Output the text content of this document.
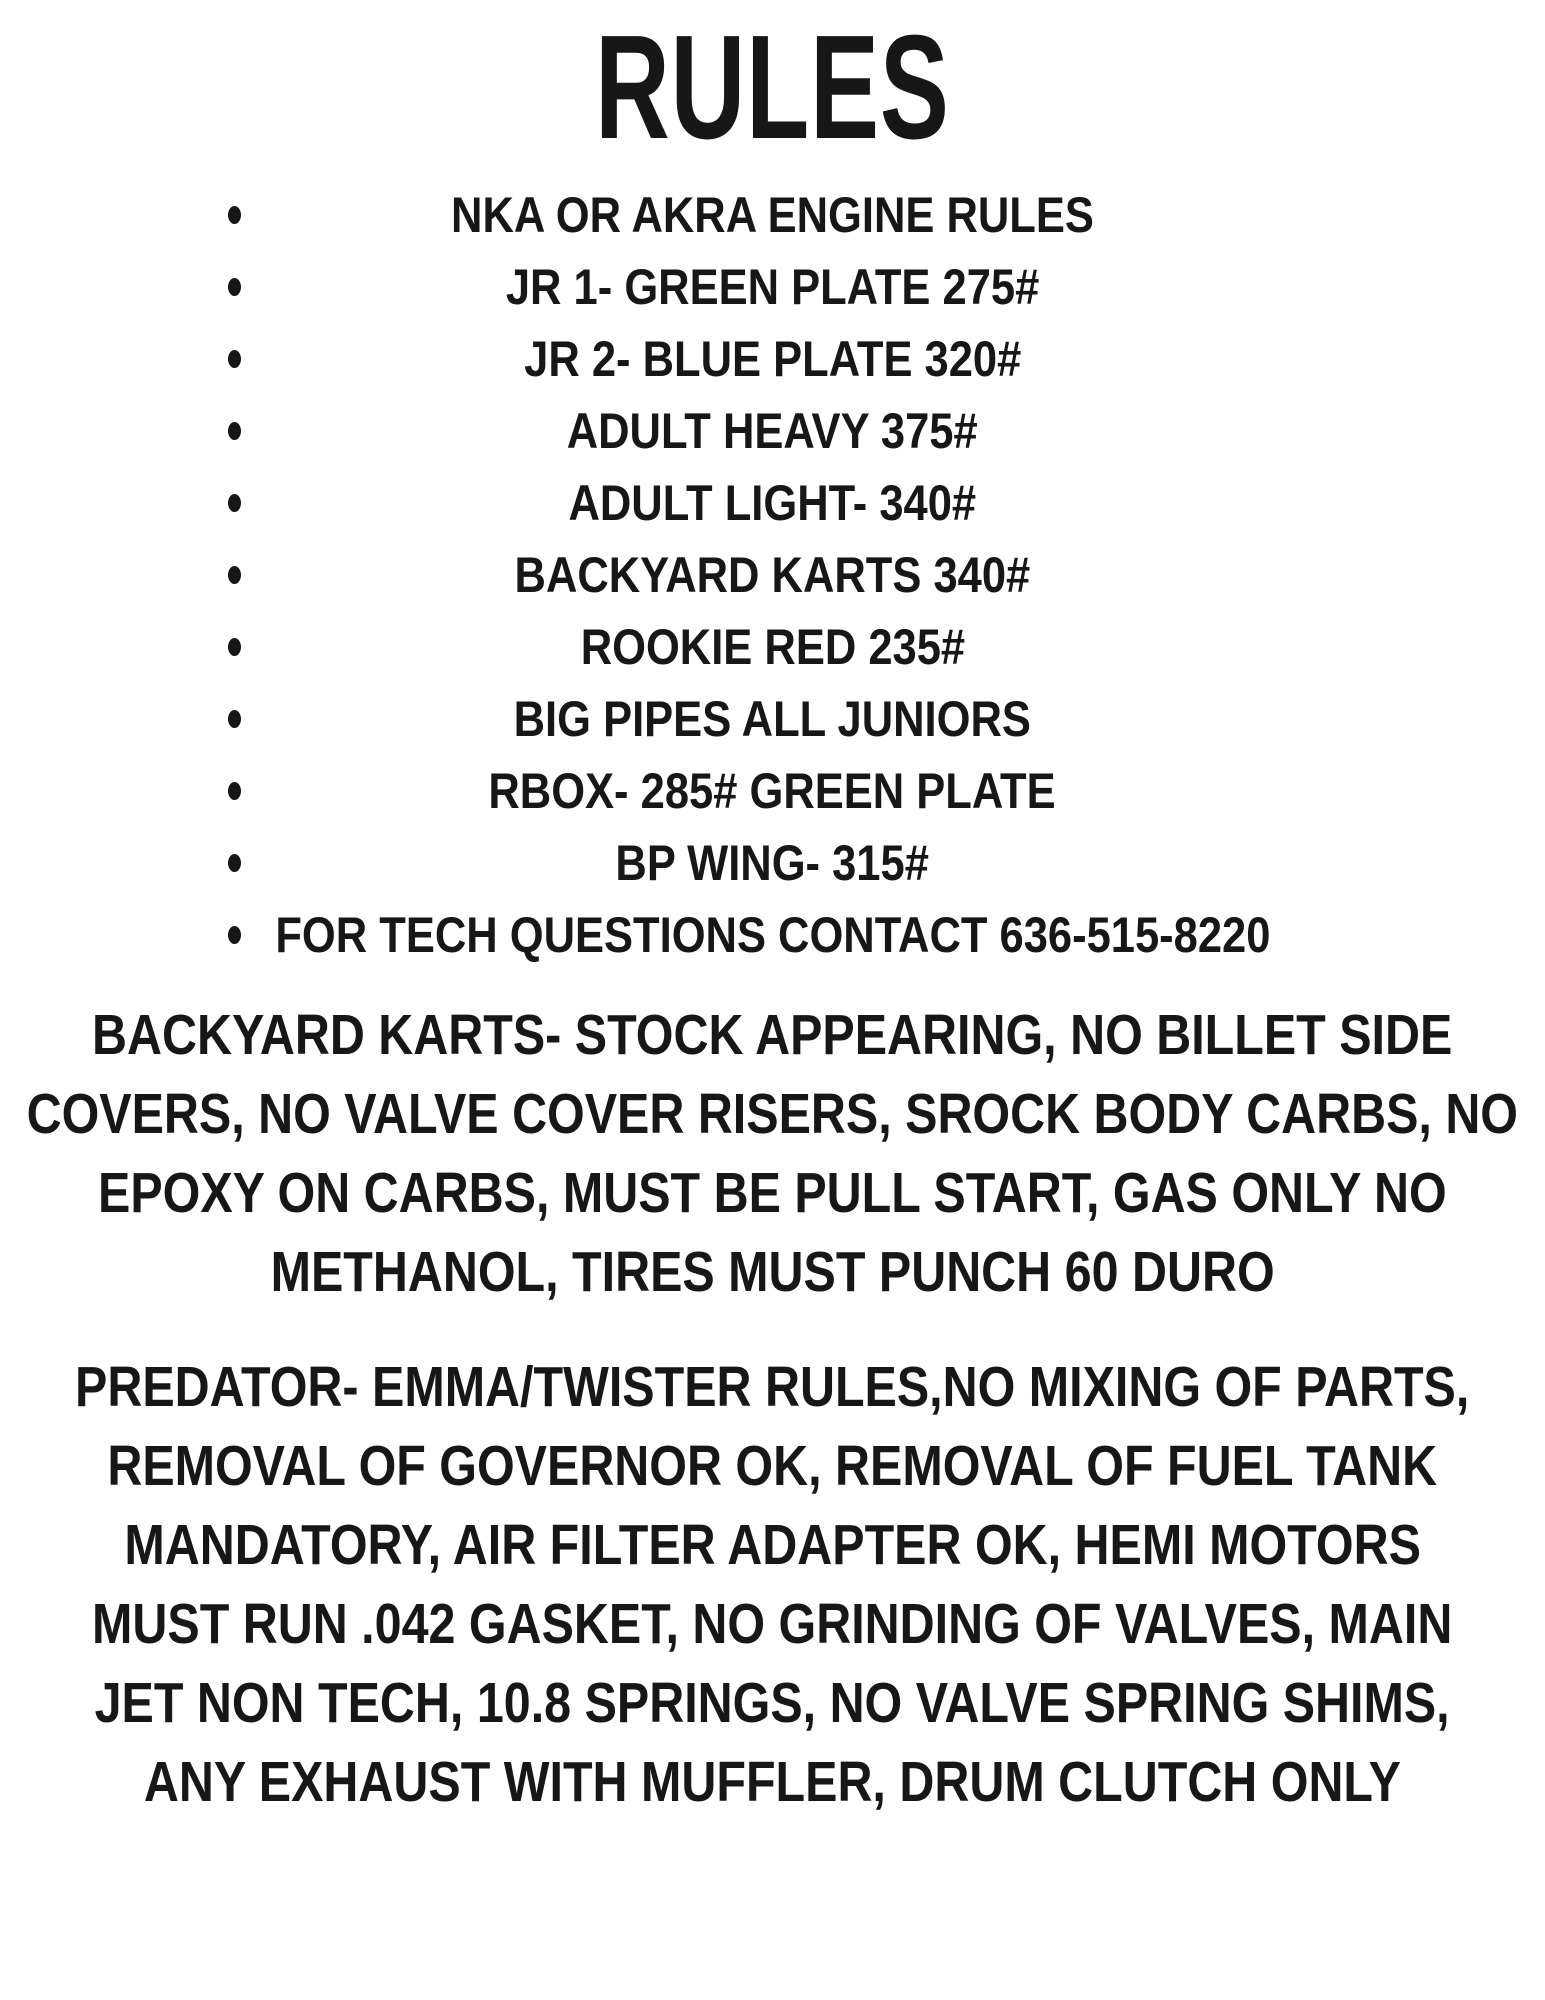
RULES
NKA OR AKRA ENGINE RULES
JR 1- GREEN PLATE 275#
JR 2- BLUE PLATE 320#
ADULT HEAVY 375#
ADULT LIGHT- 340#
BACKYARD KARTS 340#
ROOKIE RED 235#
BIG PIPES ALL JUNIORS
RBOX- 285# GREEN PLATE
BP WING- 315#
FOR TECH QUESTIONS CONTACT 636-515-8220
BACKYARD KARTS- STOCK APPEARING, NO BILLET SIDE
COVERS, NO VALVE COVER RISERS, SROCK BODY CARBS, NO
EPOXY ON CARBS, MUST BE PULL START, GAS ONLY NO
METHANOL, TIRES MUST PUNCH 60 DURO
PREDATOR- EMMA/TWISTER RULES,NO MIXING OF PARTS,
REMOVAL OF GOVERNOR OK, REMOVAL OF FUEL TANK
MANDATORY, AIR FILTER ADAPTER OK, HEMI MOTORS
MUST RUN .042 GASKET, NO GRINDING OF VALVES, MAIN
JET NON TECH, 10.8 SPRINGS, NO VALVE SPRING SHIMS,
ANY EXHAUST WITH MUFFLER, DRUM CLUTCH ONLY
